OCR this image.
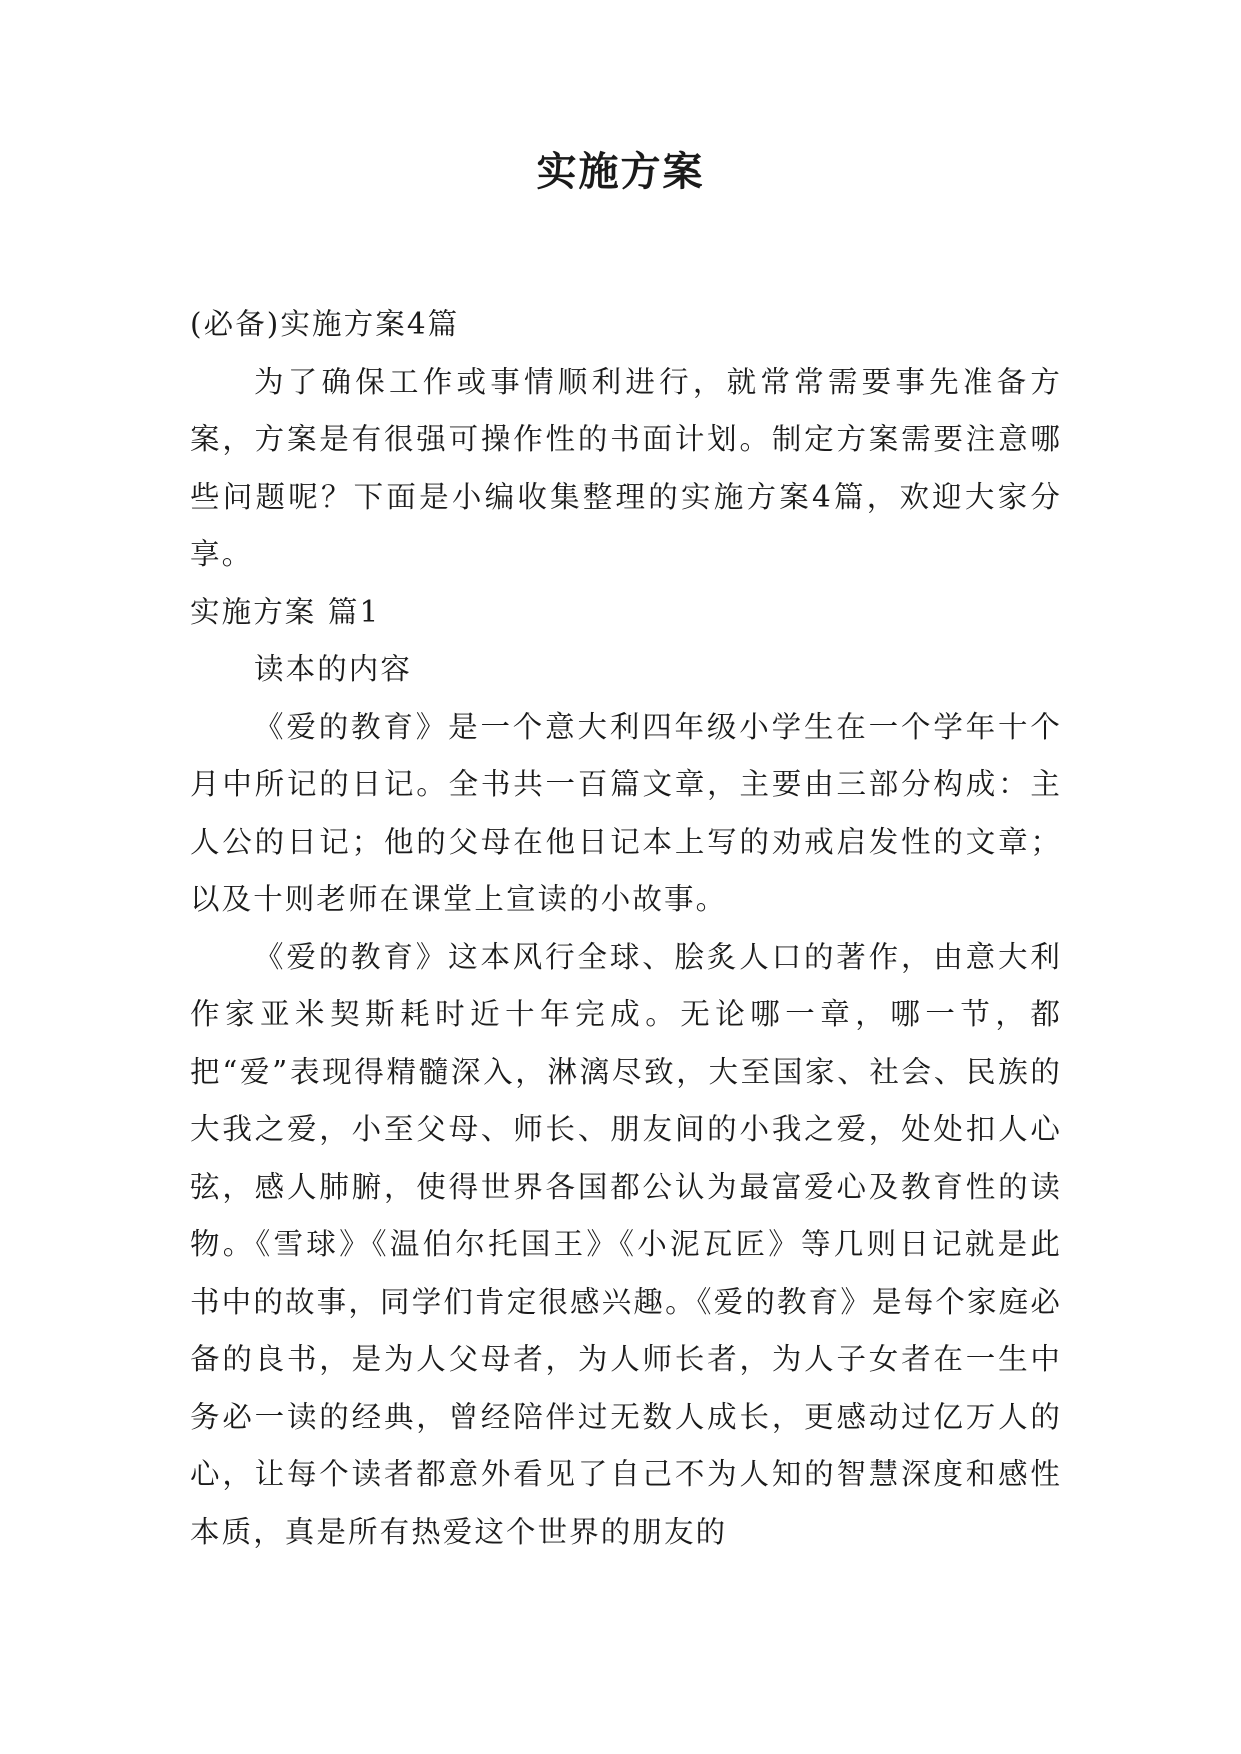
实施方案

(必备)实施方案4篇

为了确保工作或事情顺利进行，就常常需要事先准备方案，方案是有很强可操作性的书面计划。制定方案需要注意哪些问题呢？下面是小编收集整理的实施方案4篇，欢迎大家分享。

实施方案 篇1

读本的内容

《爱的教育》是一个意大利四年级小学生在一个学年十个月中所记的日记。全书共一百篇文章，主要由三部分构成：主人公的日记；他的父母在他日记本上写的劝戒启发性的文章；以及十则老师在课堂上宣读的小故事。

《爱的教育》这本风行全球、脍炙人口的著作，由意大利作家亚米契斯耗时近十年完成。无论哪一章，哪一节，都把“爱”表现得精髓深入，淋漓尽致，大至国家、社会、民族的大我之爱，小至父母、师长、朋友间的小我之爱，处处扣人心弦，感人肺腑，使得世界各国都公认为最富爱心及教育性的读物。《雪球》《温伯尔托国王》《小泥瓦匠》等几则日记就是此书中的故事，同学们肯定很感兴趣。《爱的教育》是每个家庭必备的良书，是为人父母者，为人师长者，为人子女者在一生中务必一读的经典，曾经陪伴过无数人成长，更感动过亿万人的心，让每个读者都意外看见了自己不为人知的智慧深度和感性本质，真是所有热爱这个世界的朋友的
